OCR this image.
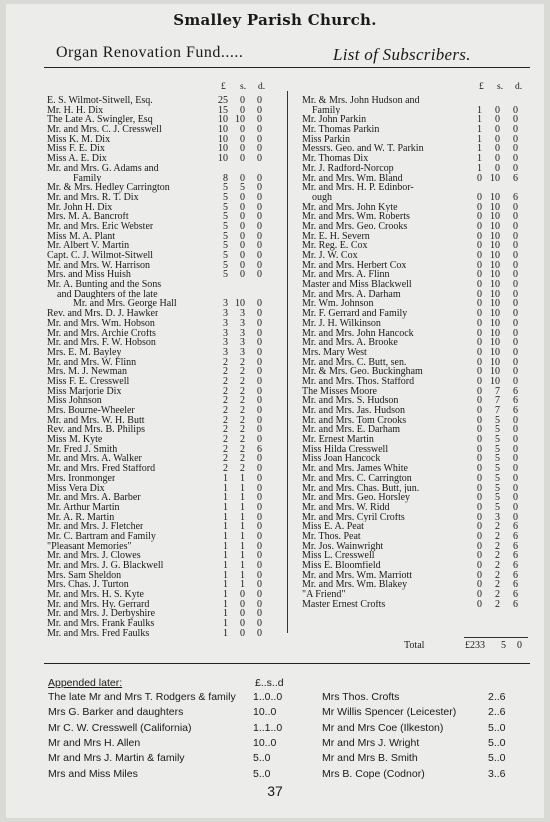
Smalley Parish Church.
Organ Renovation Fund.....	List of Subscribers.
£ s. d.	£ s. d.
E. S. Wilmot-Sitwell, Esq.	25	0	0
Mr. H. H. Dix	15	0	0
The Late A. Swingler, Esq	10 10	0
Mr. and Mrs. C. J. Cresswell	10	0	0
Miss K. M. Dix	10	0	0
Miss F. E. Dix	10	0	0
Miss A. E. Dix	10	0	0
Mr. and Mrs. G. Adams and
Family	8	0	0
Mr. & Mrs. Hedley Carrington	5	5	0
Mr. and Mrs. R. T. Dix	5	0	0
Mr. John H. Dix	5	0	0
Mrs. M. A. Bancroft	5	0	0
Mr. and Mrs. Eric Webster	5	0	0
Miss M. A. Plant	5	0	0
Mr. Albert V. Martin	5	0	0
Capt. C. J. Wilmot-Sitwell	5	0	0
Mr. and Mrs. W. Harrison	5	0	0
Mrs. and Miss Huish	5	0	0
Mr. A. Bunting and the Sons
and Daughters of the late
Mr. and Mrs. George Hall	3 10	0
Rev. and Mrs. D. J. Hawker	3	3	0
Mr. and Mrs. Wm. Hobson	3	3	0
Mr. and Mrs. Archie Crofts	3	3	0
Mr. and Mrs. F. W. Hobson	3	3	0
Mrs. E. M. Bayley	3	3	0
Mr. and Mrs. W. Flinn	2	2	0
Mrs. M. J. Newman	2	2	0
Miss F. E. Cresswell	2	2	0
Miss Marjorie Dix	2	2	0
Miss Johnson	2	2	0
Mrs. Bourne-Wheeler	2	2	0
Mr. and Mrs. W. H. Butt	2	2	0
Rev. and Mrs. B. Philips	2	2	0
Miss M. Kyte	2	2	0
Mr. Fred J. Smith	2	2	6
Mr. and Mrs. A. Walker	2	2	0
Mr. and Mrs. Fred Stafford	2	2	0
Mrs. Ironmonger	1	1	0
Miss Vera Dix	1	1	0
Mr. and Mrs. A. Barber	1	1	0
Mr. Arthur Martin	1	1	0
Mr. A. R. Martin	1	1	0
Mr. and Mrs. J. Fletcher	1	1	0
Mr. C. Bartram and Family	1	1	0
"Pleasant Memories"	1	1	0
Mr. and Mrs. J. Clowes	1	1	0
Mr. and Mrs. J. G. Blackwell	1	1	0
Mrs. Sam Sheldon	1	1	0
Mrs. Chas. J. Turton	1	1	0
Mr. and Mrs. H. S. Kyte	1	0	0
Mr. and Mrs. Hy. Gerrard	1	0	0
Mr. and Mrs. J. Derbyshire	1	0	0
Mr. and Mrs. Frank Faulks	1	0	0
Mr. and Mrs. Fred Faulks	1	0	0
Mr. & Mrs. John Hudson and
Family	1	0	0
Mr. John Parkin	1	0	0
Mr. Thomas Parkin	1	0	0
Miss Parkin	1	0	0
Messrs. Geo. and W. T. Parkin	1	0	0
Mr. Thomas Dix	1	0	0
Mr. J. Radford-Norcop	1	0	0
Mr. and Mrs. Wm. Bland	0 10	6
Mr. and Mrs. H. P. Edinbor-
ough	0 10	6
Mr. and Mrs. John Kyte	0 10	0
Mr. and Mrs. Wm. Roberts	0 10	0
Mr. and Mrs. Geo. Crooks	0 10	0
Mr. E. H. Severn	0 10	0
Mr. Reg. E. Cox	0 10	0
Mr. J. W. Cox	0 10	0
Mr. and Mrs. Herbert Cox	0 10	0
Mr. and Mrs. A. Flinn	0 10	0
Master and Miss Blackwell	0 10	0
Mr. and Mrs. A. Darham	0 10	0
Mr. Wm. Johnson	0 10	0
Mr. F. Gerrard and Family	0 10	0
Mr. J. H. Wilkinson	0 10	0
Mr. and Mrs. John Hancock	0 10	0
Mr. and Mrs. A. Brooke	0 10	0
Mrs. Mary West	0 10	0
Mr. and Mrs. C. Butt, sen.	0 10	0
Mr. & Mrs. Geo. Buckingham	0 10	0
Mr. and Mrs. Thos. Stafford	0 10	0
The Misses Moore	0	7	6
Mr. and Mrs. S. Hudson	0	7	6
Mr. and Mrs. Jas. Hudson	0	7	6
Mr. and Mrs. Tom Crooks	0	5	0
Mr. and Mrs. E. Darham	0	5	0
Mr. Ernest Martin	0	5	0
Miss Hilda Cresswell	0	5	0
Miss Joan Hancock	0	5	0
Mr. and Mrs. James White	0	5	0
Mr. and Mrs. C. Carrington	0	5	0
Mr. and Mrs. Chas. Butt, jun.	0	5	0
Mr. and Mrs. Geo. Horsley	0	5	0
Mr. and Mrs. W. Ridd	0	5	0
Mr. and Mrs. Cyril Crofts	0	3	0
Miss E. A. Peat	0	2	6
Mr. Thos. Peat	0	2	6
Mr. Jos. Wainwright	0	2	6
Miss L. Cresswell	0	2	6
Miss E. Bloomfield	0	2	6
Mr. and Mrs. Wm. Marriott	0	2	6
Mr. and Mrs. Wm. Blakey	0	2	6
"A Friend"	0	2	6
Master Ernest Crofts	0	2	6
Total	£233 5 0
Appended later:	£..s..d
The late Mr and Mrs T. Rodgers & family 1..0..0
Mrs G. Barker and daughters	10..0
Mr C. W. Cresswell (California)	1..1..0
Mr and Mrs H. Allen	10..0
Mr and Mrs J. Martin & family	5..0
Mrs and Miss Miles	5..0
Mrs Thos. Crofts	2..6
Mr Willis Spencer (Leicester)	2..6
Mr and Mrs Coe (Ilkeston)	5..0
Mr and Mrs J. Wright	5..0
Mr and Mrs B. Smith	5..0
Mrs B. Cope (Codnor)	3..6
37
